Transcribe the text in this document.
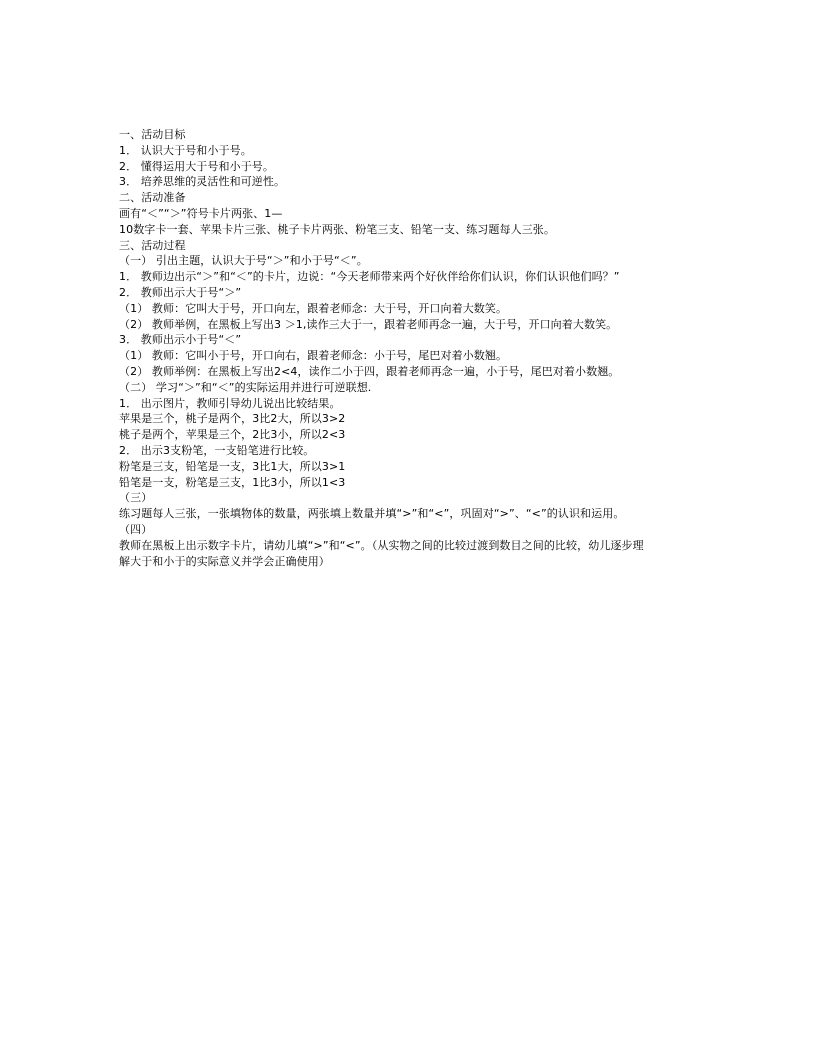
一、活动目标
1． 认识大于号和小于号。
2． 懂得运用大于号和小于号。
3． 培养思维的灵活性和可逆性。
二、活动准备
画有“＜”“＞”符号卡片两张、1—
10数字卡一套、苹果卡片三张、桃子卡片两张、粉笔三支、铅笔一支、练习题每人三张。
三、活动过程
（一） 引出主题，认识大于号“＞”和小于号“＜”。
1． 教师边出示“＞”和“＜”的卡片，边说：“今天老师带来两个好伙伴给你们认识，你们认识他们吗？”
2． 教师出示大于号“＞”
（1） 教师：它叫大于号，开口向左，跟着老师念：大于号，开口向着大数笑。
（2） 教师举例，在黑板上写出3 ＞1,读作三大于一，跟着老师再念一遍，大于号，开口向着大数笑。
3． 教师出示小于号“＜”
（1） 教师：它叫小于号，开口向右，跟着老师念：小于号，尾巴对着小数翘。
（2） 教师举例：在黑板上写出2<4，读作二小于四，跟着老师再念一遍，小于号，尾巴对着小数翘。
（二） 学习“＞”和“＜”的实际运用并进行可逆联想.
1． 出示图片，教师引导幼儿说出比较结果。
苹果是三个，桃子是两个，3比2大，所以3>2
桃子是两个，苹果是三个，2比3小，所以2<3
2． 出示3支粉笔，一支铅笔进行比较。
粉笔是三支，铅笔是一支，3比1大，所以3>1
铅笔是一支，粉笔是三支，1比3小，所以1<3
（三）
练习题每人三张，一张填物体的数量，两张填上数量并填“>”和“<”，巩固对“>”、“<”的认识和运用。
（四）
教师在黑板上出示数字卡片，请幼儿填“>”和“<”。（从实物之间的比较过渡到数目之间的比较，幼儿逐步理
解大于和小于的实际意义并学会正确使用）
